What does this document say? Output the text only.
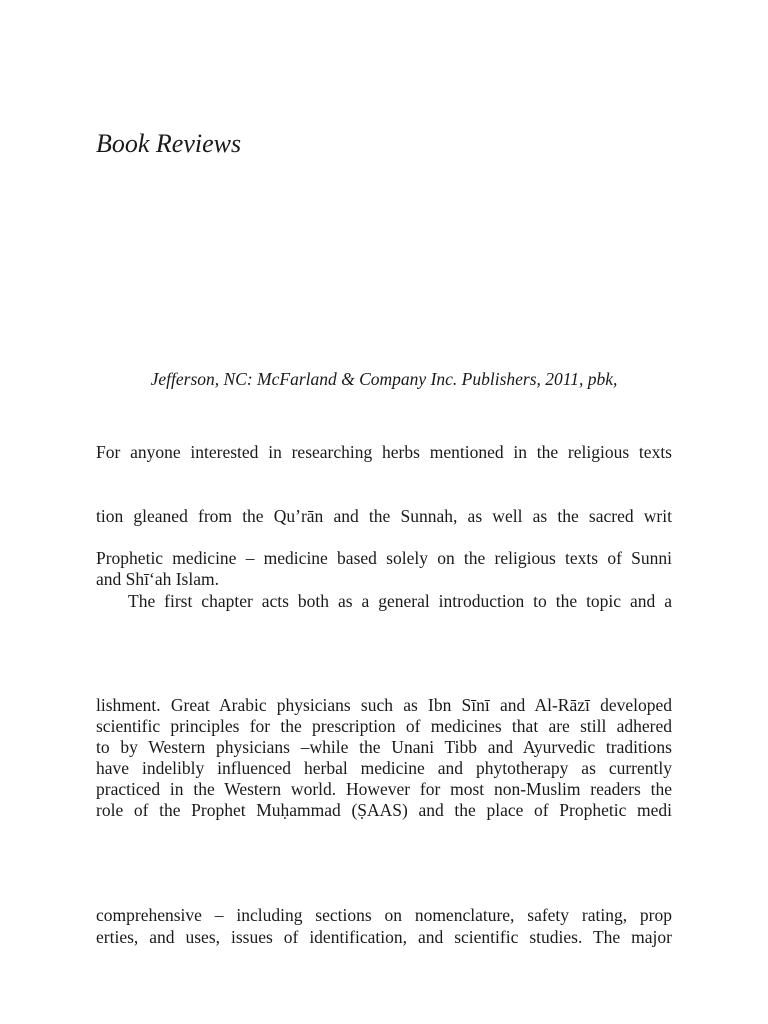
Book Reviews
Jefferson, NC: McFarland & Company Inc. Publishers, 2011, pbk,
For anyone interested in researching herbs mentioned in the religious texts
tion gleaned from the Qu’rān and the Sunnah, as well as the sacred writ
Prophetic medicine – medicine based solely on the religious texts of Sunni
and Shī‘ah Islam.
The first chapter acts both as a general introduction to the topic and a
lishment. Great Arabic physicians such as Ibn Sīnī and Al-Rāzī developed
scientific principles for the prescription of medicines that are still adhered
to by Western physicians –while the Unani Tibb and Ayurvedic traditions
have indelibly influenced herbal medicine and phytotherapy as currently
practiced in the Western world. However for most non-Muslim readers the
role of the Prophet Muḥammad (ṢAAS) and the place of Prophetic medi
comprehensive – including sections on nomenclature, safety rating, prop
erties, and uses, issues of identification, and scientific studies. The major
